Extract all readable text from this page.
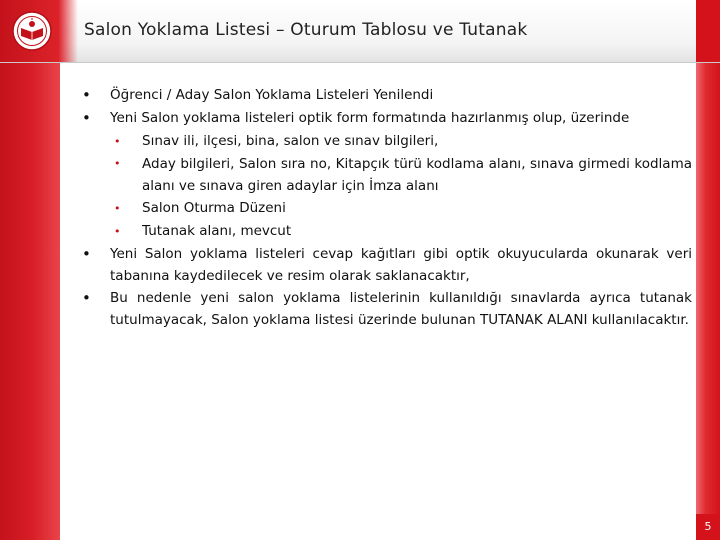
Salon Yoklama Listesi – Oturum Tablosu ve Tutanak
• Öğrenci / Aday Salon Yoklama Listeleri Yenilendi
• Yeni Salon yoklama listeleri optik form formatında hazırlanmış olup, üzerinde
• Sınav ili, ilçesi, bina, salon ve sınav bilgileri,
• Aday bilgileri, Salon sıra no, Kitapçık türü kodlama alanı, sınava girmedi kodlama alanı ve sınava giren adaylar için İmza alanı
• Salon Oturma Düzeni
• Tutanak alanı, mevcut
• Yeni Salon yoklama listeleri cevap kağıtları gibi optik okuyucularda okunarak veri tabanına kaydedilecek ve resim olarak saklanacaktır,
• Bu nedenle yeni salon yoklama listelerinin kullanıldığı sınavlarda ayrıca tutanak tutulmayacak, Salon yoklama listesi üzerinde bulunan TUTANAK ALANI kullanılacaktır.
5
